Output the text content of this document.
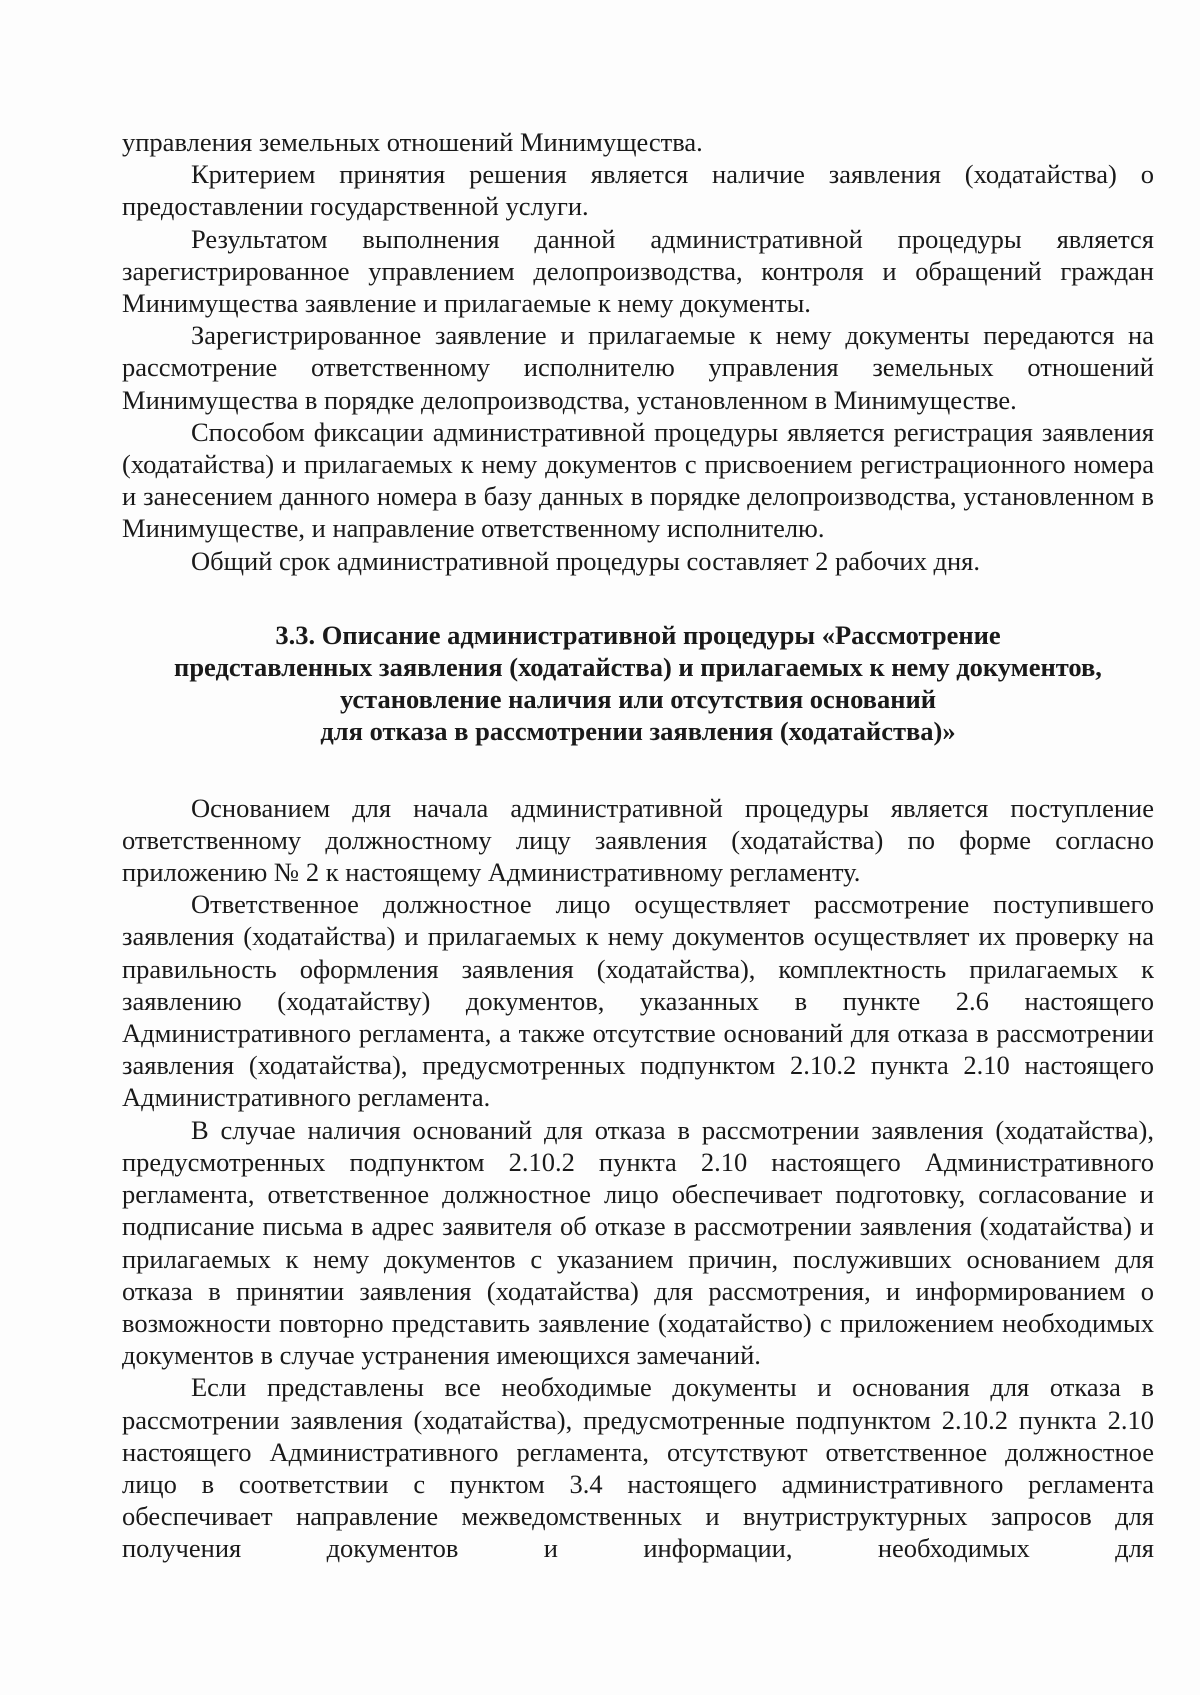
управления земельных отношений Минимущества.

Критерием принятия решения является наличие заявления (ходатайства) о предоставлении государственной услуги.

Результатом выполнения данной административной процедуры является зарегистрированное управлением делопроизводства, контроля и обращений граждан Минимущества заявление и прилагаемые к нему документы.

Зарегистрированное заявление и прилагаемые к нему документы передаются на рассмотрение ответственному исполнителю управления земельных отношений Минимущества в порядке делопроизводства, установленном в Минимуществе.

Способом фиксации административной процедуры является регистрация заявления (ходатайства) и прилагаемых к нему документов с присвоением регистрационного номера и занесением данного номера в базу данных в порядке делопроизводства, установленном в Минимуществе, и направление ответственному исполнителю.

Общий срок административной процедуры составляет 2 рабочих дня.

3.3. Описание административной процедуры «Рассмотрение
представленных заявления (ходатайства) и прилагаемых к нему документов,
установление наличия или отсутствия оснований
для отказа в рассмотрении заявления (ходатайства)»

Основанием для начала административной процедуры является поступление ответственному должностному лицу заявления (ходатайства) по форме согласно приложению № 2 к настоящему Административному регламенту.

Ответственное должностное лицо осуществляет рассмотрение поступившего заявления (ходатайства) и прилагаемых к нему документов осуществляет их проверку на правильность оформления заявления (ходатайства), комплектность прилагаемых к заявлению (ходатайству) документов, указанных в пункте 2.6 настоящего Административного регламента, а также отсутствие оснований для отказа в рассмотрении заявления (ходатайства), предусмотренных подпунктом 2.10.2 пункта 2.10 настоящего Административного регламента.

В случае наличия оснований для отказа в рассмотрении заявления (ходатайства), предусмотренных подпунктом 2.10.2 пункта 2.10 настоящего Административного регламента, ответственное должностное лицо обеспечивает подготовку, согласование и подписание письма в адрес заявителя об отказе в рассмотрении заявления (ходатайства) и прилагаемых к нему документов с указанием причин, послуживших основанием для отказа в принятии заявления (ходатайства) для рассмотрения, и информированием о возможности повторно представить заявление (ходатайство) с приложением необходимых документов в случае устранения имеющихся замечаний.

Если представлены все необходимые документы и основания для отказа в рассмотрении заявления (ходатайства), предусмотренные подпунктом 2.10.2 пункта 2.10 настоящего Административного регламента, отсутствуют ответственное должностное лицо в соответствии с пунктом 3.4 настоящего административного регламента обеспечивает направление межведомственных и внутриструктурных запросов для получения документов и информации, необходимых для
